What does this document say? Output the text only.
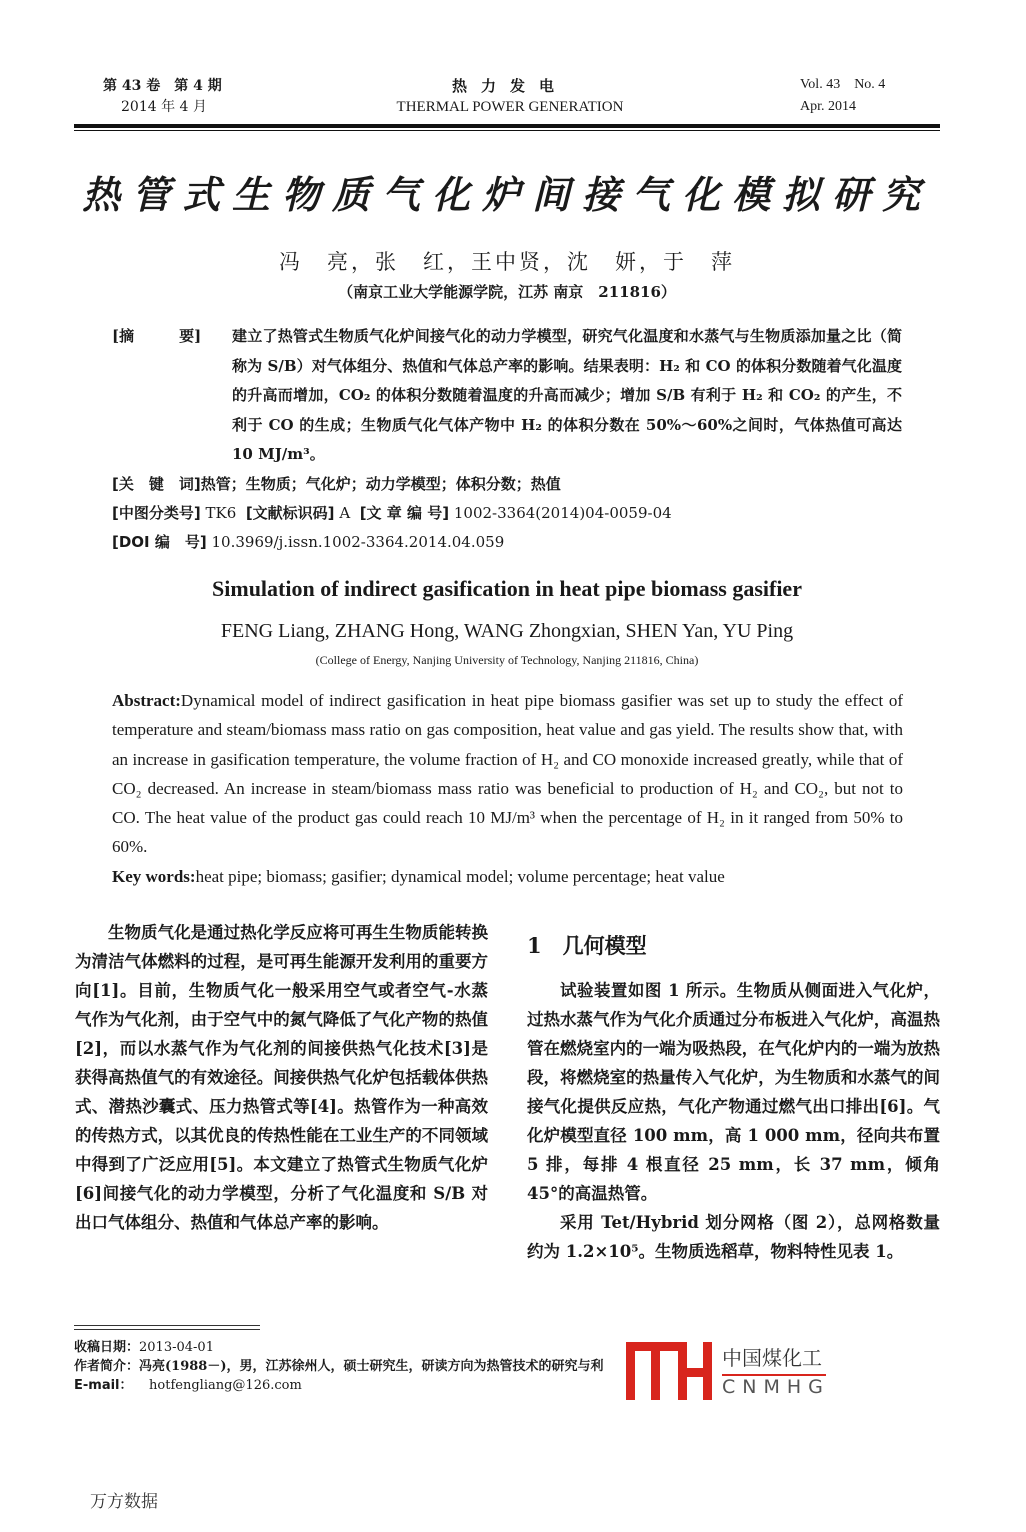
第 43 卷　第 4 期
2014 年 4 月
热力发电
THERMAL POWER GENERATION
Vol. 43　No. 4
Apr. 2014
热管式生物质气化炉间接气化模拟研究
冯　亮，张　红，王中贤，沈　妍，于　萍
（南京工业大学能源学院，江苏 南京　211816）
[摘　　　要] 建立了热管式生物质气化炉间接气化的动力学模型，研究气化温度和水蒸气与生物质添加量之比（简称为 S/B）对气体组分、热值和气体总产率的影响。结果表明：H₂ 和 CO 的体积分数随着气化温度的升高而增加，CO₂ 的体积分数随着温度的升高而减少；增加 S/B 有利于 H₂ 和 CO₂ 的产生，不利于 CO 的生成；生物质气化气体产物中 H₂ 的体积分数在 50%～60%之间时，气体热值可高达 10 MJ/m³。
[关　键　词]热管；生物质；气化炉；动力学模型；体积分数；热值
[中图分类号] TK6 [文献标识码] A [文 章 编 号] 1002-3364(2014)04-0059-04
[DOI 编　号] 10.3969/j.issn.1002-3364.2014.04.059
Simulation of indirect gasification in heat pipe biomass gasifier
FENG Liang, ZHANG Hong, WANG Zhongxian, SHEN Yan, YU Ping
(College of Energy, Nanjing University of Technology, Nanjing 211816, China)
Abstract:Dynamical model of indirect gasification in heat pipe biomass gasifier was set up to study the effect of temperature and steam/biomass mass ratio on gas composition, heat value and gas yield. The results show that, with an increase in gasification temperature, the volume fraction of H₂ and CO monoxide increased greatly, while that of CO₂ decreased. An increase in steam/biomass mass ratio was beneficial to production of H₂ and CO₂, but not to CO. The heat value of the product gas could reach 10 MJ/m³ when the percentage of H₂ in it ranged from 50% to 60%.
Key words:heat pipe; biomass; gasifier; dynamical model; volume percentage; heat value

生物质气化是通过热化学反应将可再生生物质能转换为清洁气体燃料的过程，是可再生能源开发利用的重要方向[1]。目前，生物质气化一般采用空气或者空气-水蒸气作为气化剂，由于空气中的氮气降低了气化产物的热值[2]，而以水蒸气作为气化剂的间接供热气化技术[3]是获得高热值气的有效途径。间接供热气化炉包括载体供热式、潜热沙囊式、压力热管式等[4]。热管作为一种高效的传热方式，以其优良的传热性能在工业生产的不同领域中得到了广泛应用[5]。本文建立了热管式生物质气化炉[6]间接气化的动力学模型，分析了气化温度和 S/B 对出口气体组分、热值和气体总产率的影响。

1　几何模型

试验装置如图 1 所示。生物质从侧面进入气化炉，过热水蒸气作为气化介质通过分布板进入气化炉，高温热管在燃烧室内的一端为吸热段，在气化炉内的一端为放热段，将燃烧室的热量传入气化炉，为生物质和水蒸气的间接气化提供反应热，气化产物通过燃气出口排出[6]。气化炉模型直径 100 mm，高 1 000 mm，径向共布置 5 排，每排 4 根直径 25 mm，长 37 mm，倾角 45°的高温热管。

采用 Tet/Hybrid 划分网格（图 2），总网格数量约为 1.2×10⁵。生物质选稻草，物料特性见表 1。

收稿日期：2013-04-01
作者简介：冯亮(1988－)，男，江苏徐州人，硕士研究生，研读方向为热管技术的研究与利
E-mail： hotfengliang@126.com
中国煤化工
CNMHG
万方数据
